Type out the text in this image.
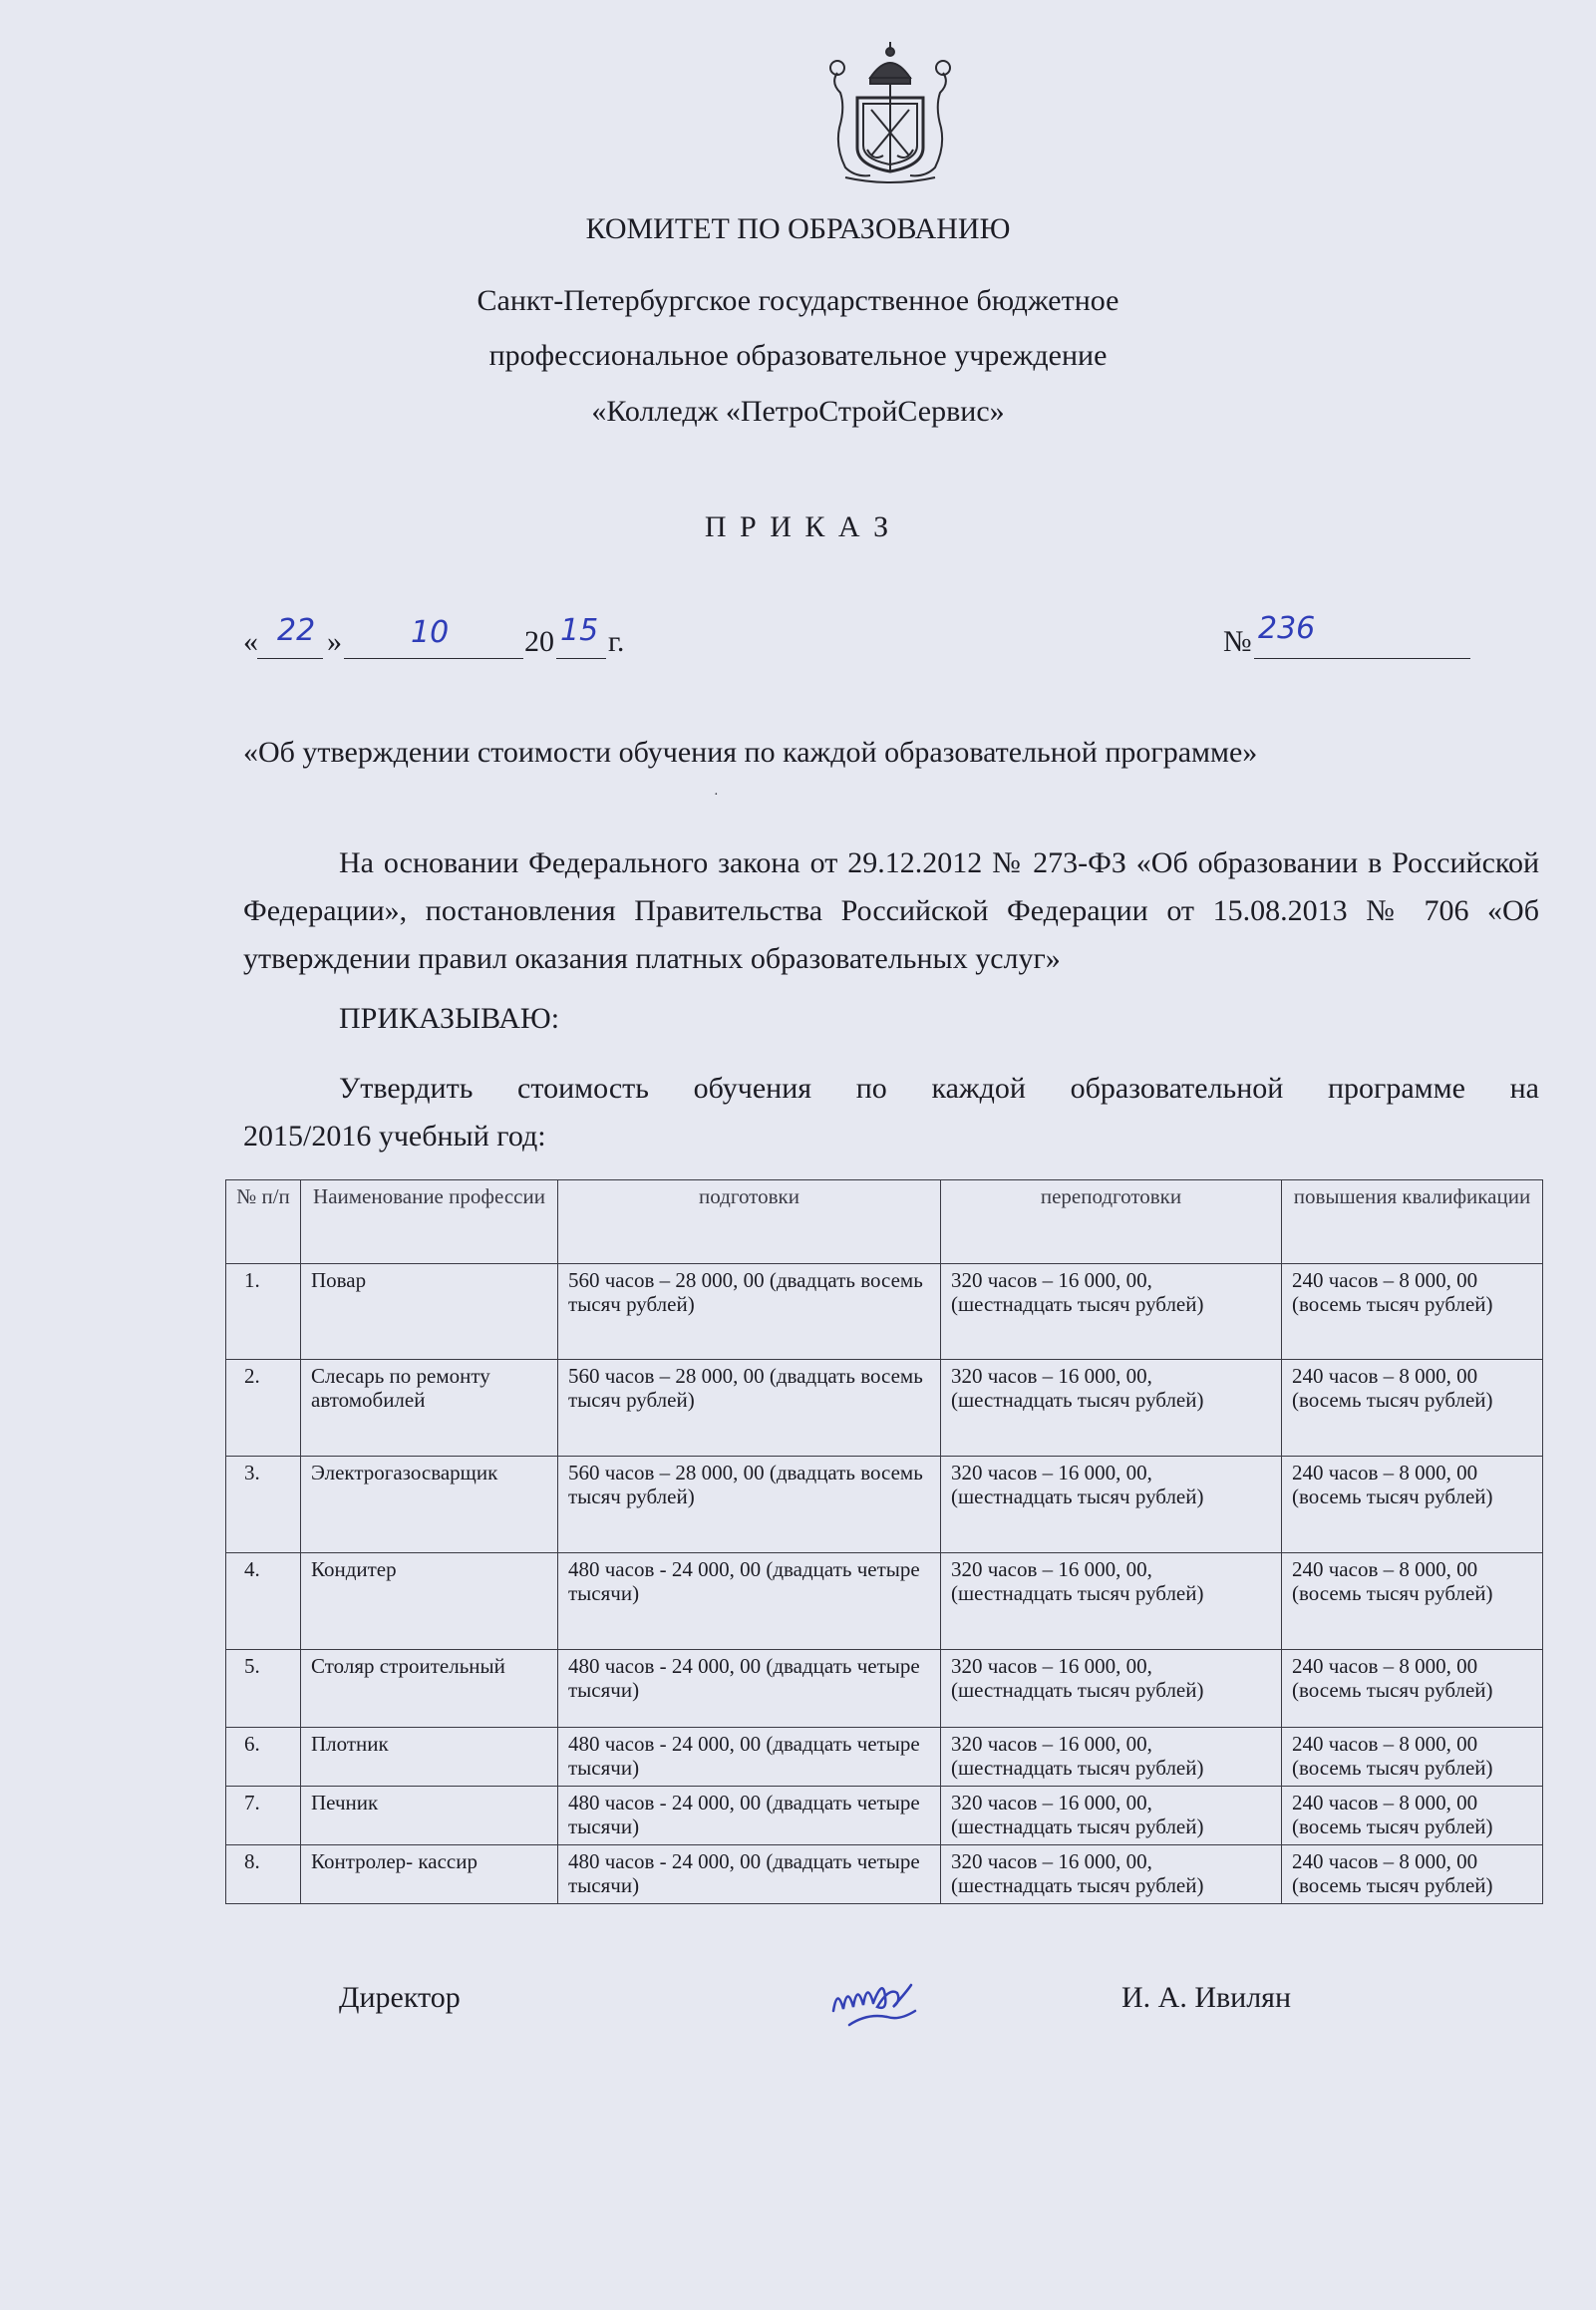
КОМИТЕТ ПО ОБРАЗОВАНИЮ
Санкт-Петербургское государственное бюджетное
профессиональное образовательное учреждение
«Колледж «ПетроСтройСервис»
П Р И К А З
« 22 » 10	20 15 г.	№ 236
«Об утверждении стоимости обучения по каждой образовательной программе»
·
На основании Федерального закона от 29.12.2012 № 273-ФЗ «Об образовании в Российской Федерации», постановления Правительства Российской Федерации от 15.08.2013 № 706 «Об утверждении правил оказания платных образовательных услуг»
ПРИКАЗЫВАЮ:
Утвердить стоимость обучения по каждой образовательной программе на
2015/2016 учебный год:
№ п/п	Наименование профессии	подготовки	переподготовки	повышения квалификации
1.	Повар	560 часов – 28 000, 00 (двадцать восемь тысяч рублей)	320 часов – 16 000, 00, (шестнадцать тысяч рублей)	240 часов – 8 000, 00 (восемь тысяч рублей)
2.	Слесарь по ремонту автомобилей	560 часов – 28 000, 00 (двадцать восемь тысяч рублей)	320 часов – 16 000, 00, (шестнадцать тысяч рублей)	240 часов – 8 000, 00 (восемь тысяч рублей)
3.	Электрогазосварщик	560 часов – 28 000, 00 (двадцать восемь тысяч рублей)	320 часов – 16 000, 00, (шестнадцать тысяч рублей)	240 часов – 8 000, 00 (восемь тысяч рублей)
4.	Кондитер	480 часов - 24 000, 00 (двадцать четыре тысячи)	320 часов – 16 000, 00, (шестнадцать тысяч рублей)	240 часов – 8 000, 00 (восемь тысяч рублей)
5.	Столяр строительный	480 часов - 24 000, 00 (двадцать четыре тысячи)	320 часов – 16 000, 00, (шестнадцать тысяч рублей)	240 часов – 8 000, 00 (восемь тысяч рублей)
6.	Плотник	480 часов - 24 000, 00 (двадцать четыре тысячи)	320 часов – 16 000, 00, (шестнадцать тысяч рублей)	240 часов – 8 000, 00 (восемь тысяч рублей)
7.	Печник	480 часов - 24 000, 00 (двадцать четыре тысячи)	320 часов – 16 000, 00, (шестнадцать тысяч рублей)	240 часов – 8 000, 00 (восемь тысяч рублей)
8.	Контролер- кассир	480 часов - 24 000, 00 (двадцать четыре тысячи)	320 часов – 16 000, 00, (шестнадцать тысяч рублей)	240 часов – 8 000, 00 (восемь тысяч рублей)
Директор	И. А. Ивилян
